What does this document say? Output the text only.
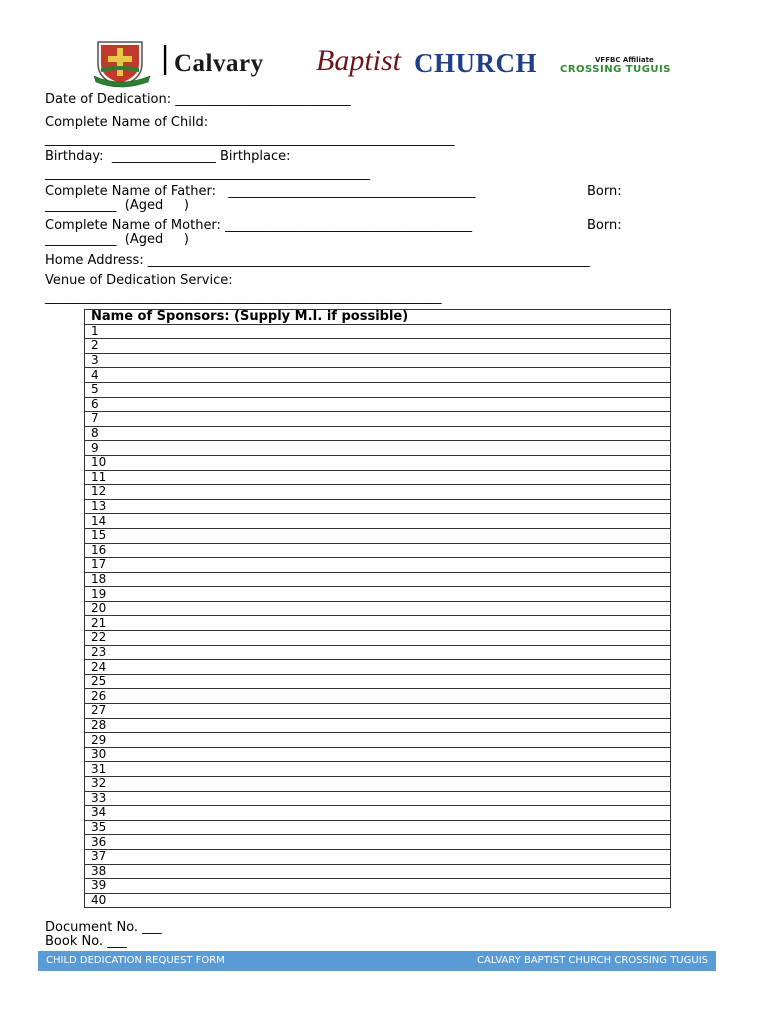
| Calvary Baptist CHURCH	VFFBC Affiliate
CROSSING TUGUIS
Date of Dedication: ___________________________
Complete Name of Child:
_______________________________________________________________
Birthday:  ________________ Birthplace:
__________________________________________________
Complete Name of Father:   ______________________________________	Born:
___________  (Aged     )
Complete Name of Mother: ______________________________________	Born:
___________  (Aged     )
Home Address: ____________________________________________________________________
Venue of Dedication Service:
_____________________________________________________________
Name of Sponsors: (Supply M.I. if possible)
1
2
3
4
5
6
7
8
9
10
11
12
13
14
15
16
17
18
19
20
21
22
23
24
25
26
27
28
29
30
31
32
33
34
35
36
37
38
39
40
Document No. ___
Book No. ___
CHILD DEDICATION REQUEST FORM	CALVARY BAPTIST CHURCH CROSSING TUGUIS
